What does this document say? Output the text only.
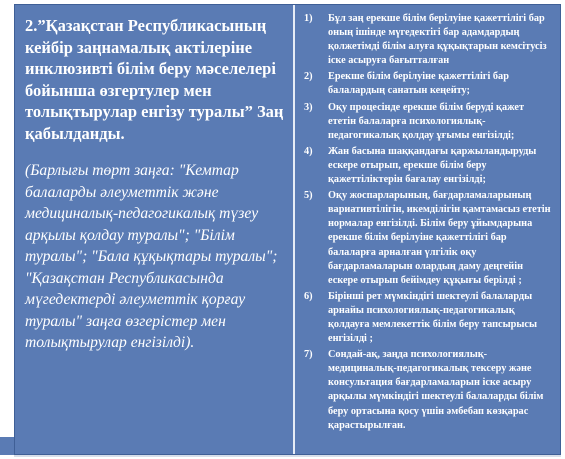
2.”Қазақстан Республикасының кейбір заңнамалық актілеріне инклюзивті білім беру мәселелері бойынша өзгертулер мен толықтырулар енгізу туралы” Заң қабылданды.

(Барлығы төрт заңға: "Кемтар балаларды әлеуметтік және медициналық-педагогикалық түзеу арқылы қолдау туралы"; "Білім туралы"; "Бала құқықтары туралы"; "Қазақстан Республикасында мүгедектерді әлеуметтік қорғау туралы" заңға өзгерістер мен толықтырулар енгізілді).

1) Бұл заң ерекше білім берілуіне қажеттілігі бар оның ішінде мүгедектігі бар адамдардың қолжетімді білім алуға құқықтарын кемсітусіз іске асыруға бағытталған
2) Ерекше білім берілуіне қажеттілігі бар балалардың санатын кеңейту;
3) Оқу процесінде ерекше білім беруді қажет ететін балаларға психологиялық-педагогикалық қолдау ұғымы енгізілді;
4) Жан басына шаққандағы қаржыландыруды ескере отырып, ерекше білім беру қажеттіліктерін бағалау енгізілді;
5) Оқу жоспарларының, бағдарламаларының вариативтілігін, икемділігін қамтамасыз ететін нормалар енгізілді. Білім беру ұйымдарына ерекше білім берілуіне қажеттілігі бар балаларға арналған үлгілік оқу бағдарламаларын олардың даму деңгейін ескере отырып бейімдеу құқығы берілді ;
6) Бірінші рет мүмкіндігі шектеулі балаларды арнайы психологиялық-педагогикалық қолдауға мемлекеттік білім беру тапсырысы енгізілді ;
7) Сондай-ақ, заңда психологиялық-медициналық-педагогикалық тексеру және консультация бағдарламаларын іске асыру арқылы мүмкіндігі шектеулі балаларды білім беру ортасына қосу үшін әмбебап көзқарас қарастырылған.
